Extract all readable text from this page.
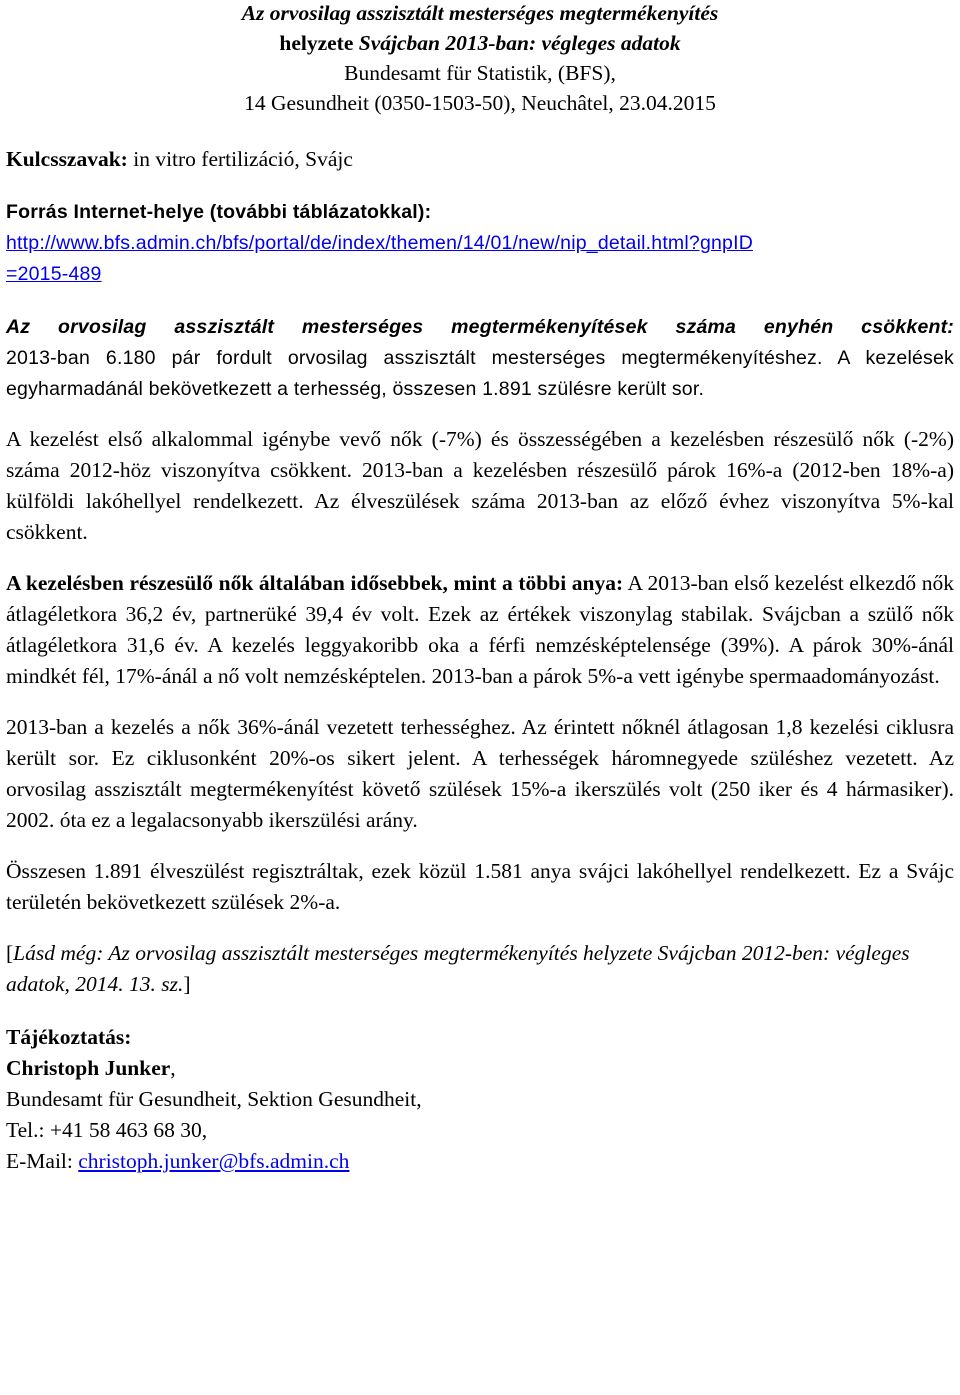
Az orvosilag asszisztált mesterséges megtermékenyítés
helyzete Svájcban 2013-ban: végleges adatok
Bundesamt für Statistik, (BFS),
14 Gesundheit (0350-1503-50), Neuchâtel, 23.04.2015

Kulcsszavak: in vitro fertilizáció, Svájc

Forrás Internet-helye (további táblázatokkal):

http://www.bfs.admin.ch/bfs/portal/de/index/themen/14/01/new/nip_detail.html?gnpID
=2015-489

Az orvosilag asszisztált mesterséges megtermékenyítések száma enyhén csökkent:

2013-ban 6.180 pár fordult orvosilag asszisztált mesterséges megtermékenyítéshez. A kezelések egyharmadánál bekövetkezett a terhesség, összesen 1.891 szülésre került sor.

A kezelést első alkalommal igénybe vevő nők (-7%) és összességében a kezelésben részesülő nők (-2%) száma 2012-höz viszonyítva csökkent. 2013-ban a kezelésben részesülő párok 16%-a (2012-ben 18%-a) külföldi lakóhellyel rendelkezett. Az élveszülések száma 2013-ban az előző évhez viszonyítva 5%-kal csökkent.

A kezelésben részesülő nők általában idősebbek, mint a többi anya: A 2013-ban első kezelést elkezdő nők átlagéletkora 36,2 év, partnerüké 39,4 év volt. Ezek az értékek viszonylag stabilak. Svájcban a szülő nők átlagéletkora 31,6 év. A kezelés leggyakoribb oka a férfi nemzésképtelensége (39%). A párok 30%-ánál mindkét fél, 17%-ánál a nő volt nemzésképtelen. 2013-ban a párok 5%-a vett igénybe spermaadományozást.

2013-ban a kezelés a nők 36%-ánál vezetett terhességhez. Az érintett nőknél átlagosan 1,8 kezelési ciklusra került sor. Ez ciklusonként 20%-os sikert jelent. A terhességek háromnegyede szüléshez vezetett. Az orvosilag asszisztált megtermékenyítést követő szülések 15%-a ikerszülés volt (250 iker és 4 hármasiker). 2002. óta ez a legalacsonyabb ikerszülési arány.

Összesen 1.891 élveszülést regisztráltak, ezek közül 1.581 anya svájci lakóhellyel rendelkezett. Ez a Svájc területén bekövetkezett szülések 2%-a.

[Lásd még: Az orvosilag asszisztált mesterséges megtermékenyítés helyzete Svájcban 2012-ben: végleges adatok, 2014. 13. sz.]

Tájékoztatás:

Christoph Junker,

Bundesamt für Gesundheit, Sektion Gesundheit,

Tel.: +41 58 463 68 30,

E-Mail: christoph.junker@bfs.admin.ch
